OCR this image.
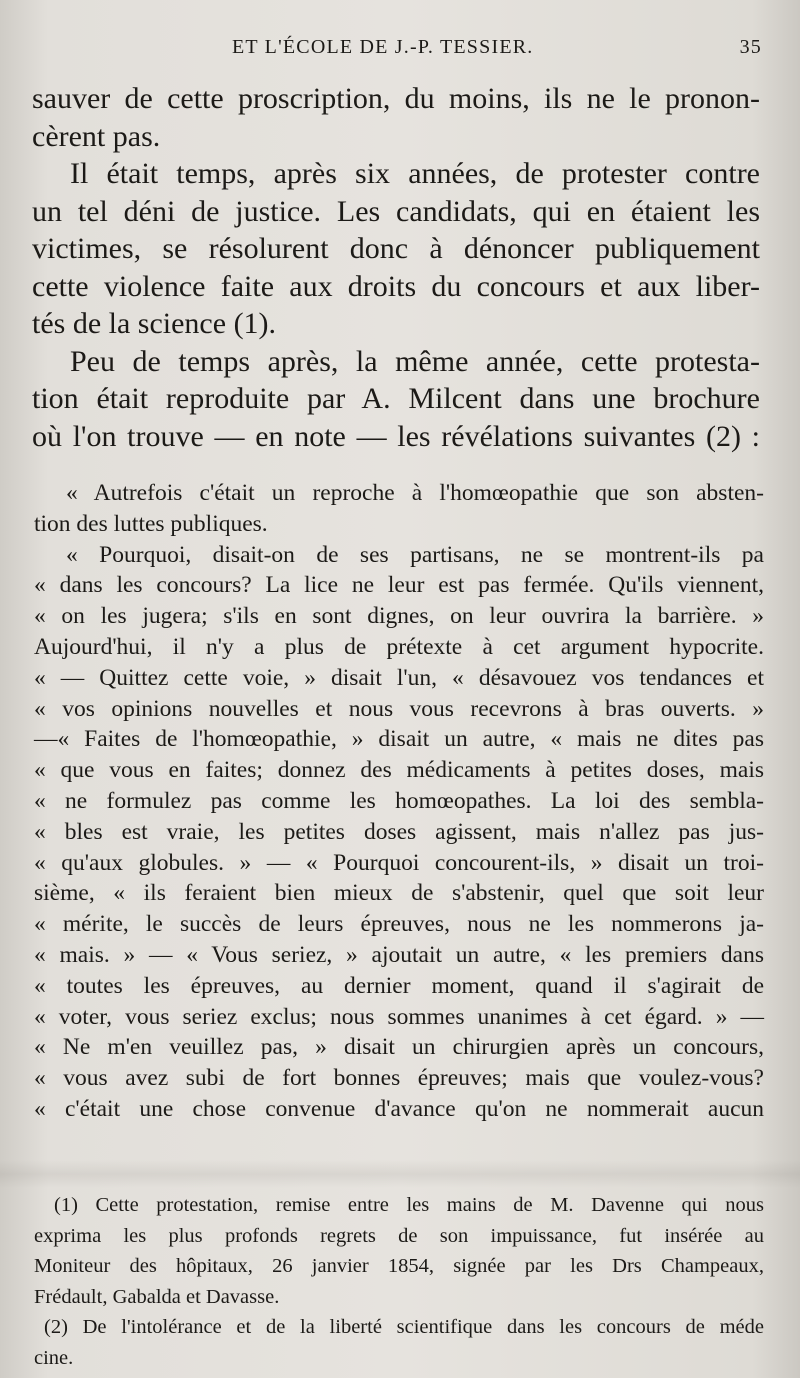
ET L'ÉCOLE DE J.-P. TESSIER.	35
sauver de cette proscription, du moins, ils ne le pronon-
cèrent pas.
Il était temps, après six années, de protester contre
un tel déni de justice. Les candidats, qui en étaient les
victimes, se résolurent donc à dénoncer publiquement
cette violence faite aux droits du concours et aux liber-
tés de la science (1).
Peu de temps après, la même année, cette protesta-
tion était reproduite par A. Milcent dans une brochure
où l'on trouve — en note — les révélations suivantes (2) :
« Autrefois c'était un reproche à l'homœopathie que son absten-
tion des luttes publiques.
« Pourquoi, disait-on de ses partisans, ne se montrent-ils pa
« dans les concours? La lice ne leur est pas fermée. Qu'ils viennent,
« on les jugera; s'ils en sont dignes, on leur ouvrira la barrière. »
Aujourd'hui, il n'y a plus de prétexte à cet argument hypocrite.
« — Quittez cette voie, » disait l'un, « désavouez vos tendances et
« vos opinions nouvelles et nous vous recevrons à bras ouverts. »
—« Faites de l'homœopathie, » disait un autre, « mais ne dites pas
« que vous en faites; donnez des médicaments à petites doses, mais
« ne formulez pas comme les homœopathes. La loi des sembla-
« bles est vraie, les petites doses agissent, mais n'allez pas jus-
« qu'aux globules. » — « Pourquoi concourent-ils, » disait un troi-
sième, « ils feraient bien mieux de s'abstenir, quel que soit leur
« mérite, le succès de leurs épreuves, nous ne les nommerons ja-
« mais. » — « Vous seriez, » ajoutait un autre, « les premiers dans
« toutes les épreuves, au dernier moment, quand il s'agirait de
« voter, vous seriez exclus; nous sommes unanimes à cet égard. » —
« Ne m'en veuillez pas, » disait un chirurgien après un concours,
« vous avez subi de fort bonnes épreuves; mais que voulez-vous?
« c'était une chose convenue d'avance qu'on ne nommerait aucun
(1) Cette protestation, remise entre les mains de M. Davenne qui nous
exprima les plus profonds regrets de son impuissance, fut insérée au
Moniteur des hôpitaux, 26 janvier 1854, signée par les Drs Champeaux,
Frédault, Gabalda et Davasse.
(2) De l'intolérance et de la liberté scientifique dans les concours de méde
cine.
